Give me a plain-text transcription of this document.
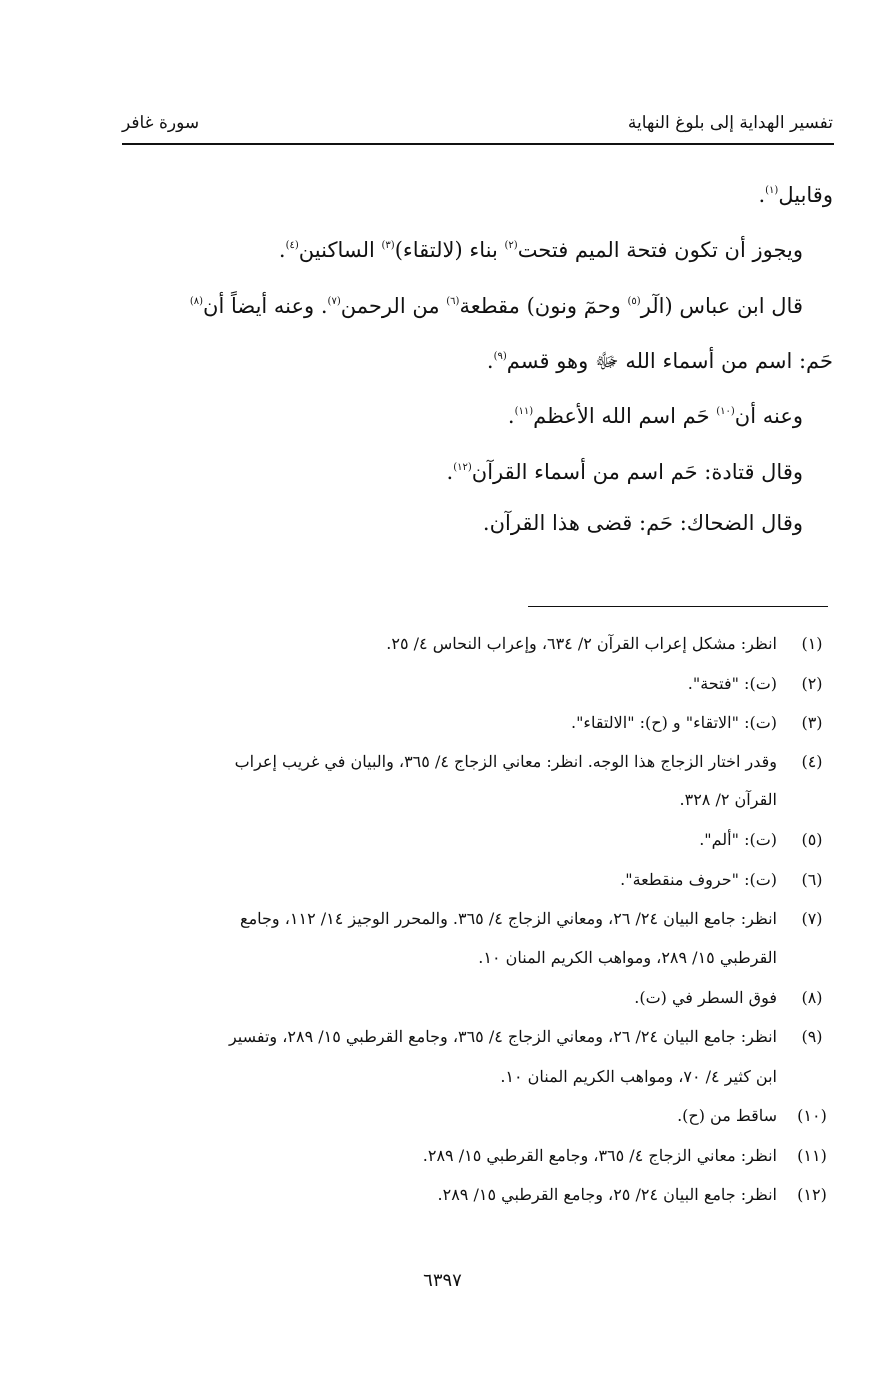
تفسير الهداية إلى بلوغ النهاية
سورة غافر
وقابيل$^{(١)}$.
ويجوز أن تكون فتحة الميم فتحت$^{(٢)}$ بناء (لالتقاء)$^{(٣)}$ الساكنين$^{(٤)}$.
قال ابن عباس (الٓر$^{(٥)}$ وحمٓ ونون) مقطعة$^{(٦)}$ من الرحمن$^{(٧)}$. وعنه أيضاً أن$^{(٨)}$
حَم: اسم من أسماء الله ﷻ وهو قسم$^{(٩)}$.
وعنه أن$^{(١٠)}$ حَم اسم الله الأعظم$^{(١١)}$.
وقال قتادة: حَم اسم من أسماء القرآن$^{(١٢)}$.
وقال الضحاك: حَم: قضى هذا القرآن.
(١)
انظر: مشكل إعراب القرآن ٢/ ٦٣٤، وإعراب النحاس ٤/ ٢٥.
(٢)
(ت): "فتحة".
(٣)
(ت): "الاتقاء" و (ح): "الالتقاء".
(٤)
وقدر اختار الزجاج هذا الوجه. انظر: معاني الزجاج ٤/ ٣٦٥، والبيان في غريب إعراب
القرآن ٢/ ٣٢٨.
(٥)
(ت): "ألم".
(٦)
(ت): "حروف منقطعة".
(٧)
انظر: جامع البيان ٢٤/ ٢٦، ومعاني الزجاج ٤/ ٣٦٥. والمحرر الوجيز ١٤/ ١١٢، وجامع
القرطبي ١٥/ ٢٨٩، ومواهب الكريم المنان ١٠.
(٨)
فوق السطر في (ت).
(٩)
انظر: جامع البيان ٢٤/ ٢٦، ومعاني الزجاج ٤/ ٣٦٥، وجامع القرطبي ١٥/ ٢٨٩، وتفسير
ابن كثير ٤/ ٧٠، ومواهب الكريم المنان ١٠.
(١٠)
ساقط من (ح).
(١١)
انظر: معاني الزجاج ٤/ ٣٦٥، وجامع القرطبي ١٥/ ٢٨٩.
(١٢)
انظر: جامع البيان ٢٤/ ٢٥، وجامع القرطبي ١٥/ ٢٨٩.
٦٣٩٧
